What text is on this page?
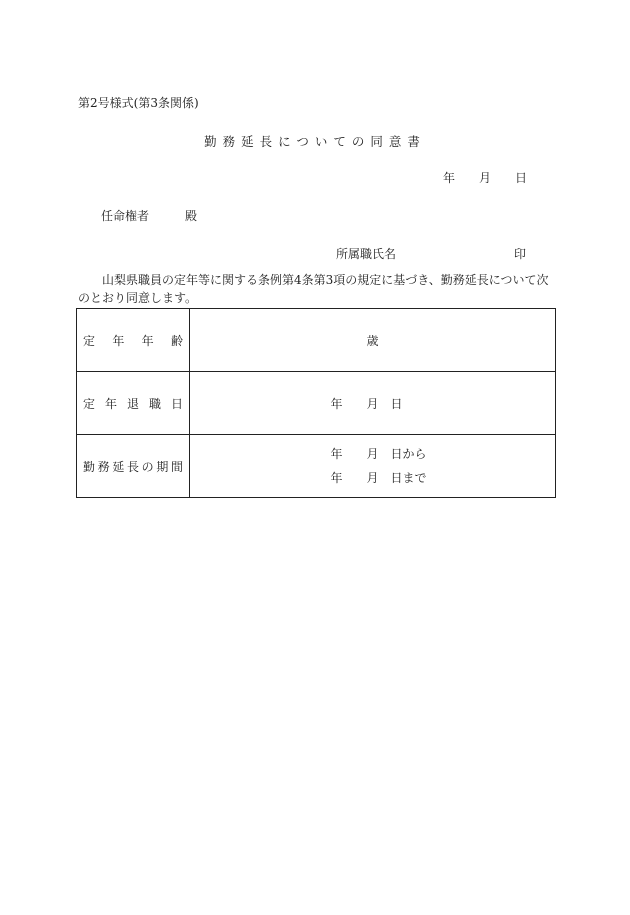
第2号様式(第3条関係)
勤務延長についての同意書
年 月 日
任命権者	殿
所属職氏名	印
山梨県職員の定年等に関する条例第4条第3項の規定に基づき、勤務延長について次のとおり同意します。
定年年齢	歳
定年退職日	年 月 日
勤務延長の期間	年 月 日から
年 月 日まで
